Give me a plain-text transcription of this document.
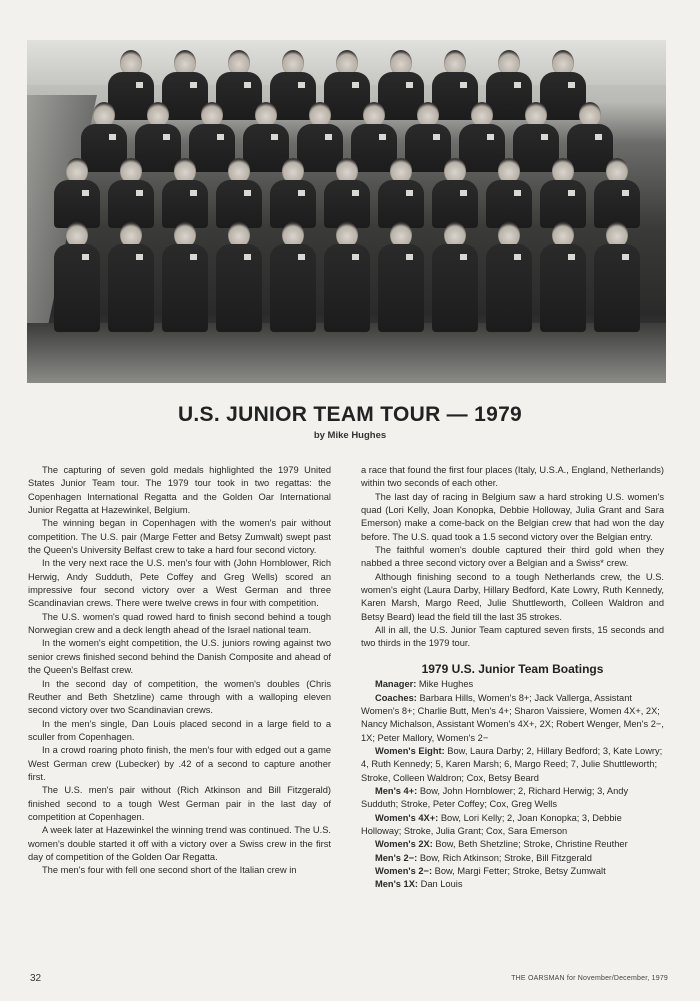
U.S. JUNIOR TEAM TOUR — 1979
by Mike Hughes

The capturing of seven gold medals highlighted the 1979 United States Junior Team tour. The 1979 tour took in two regattas: the Copenhagen International Regatta and the Golden Oar International Junior Regatta at Hazewinkel, Belgium.

The winning began in Copenhagen with the women's pair without competition. The U.S. pair (Marge Fetter and Betsy Zumwalt) swept past the Queen's University Belfast crew to take a hard four second victory.

In the very next race the U.S. men's four with (John Hornblower, Rich Herwig, Andy Sudduth, Pete Coffey and Greg Wells) scored an impressive four second victory over a West German and three Scandinavian crews. There were twelve crews in four with competition.

The U.S. women's quad rowed hard to finish second behind a tough Norwegian crew and a deck length ahead of the Israel national team.

In the women's eight competition, the U.S. juniors rowing against two senior crews finished second behind the Danish Composite and ahead of the Queen's Belfast crew.

In the second day of competition, the women's doubles (Chris Reuther and Beth Shetzline) came through with a walloping eleven second victory over two Scandinavian crews.

In the men's single, Dan Louis placed second in a large field to a sculler from Copenhagen.

In a crowd roaring photo finish, the men's four with edged out a game West German crew (Lubecker) by .42 of a second to capture another first.

The U.S. men's pair without (Rich Atkinson and Bill Fitzgerald) finished second to a tough West German pair in the last day of competition at Copenhagen.

A week later at Hazewinkel the winning trend was continued. The U.S. women's double started it off with a victory over a Swiss crew in the first day of competition of the Golden Oar Regatta.

The men's four with fell one second short of the Italian crew in

a race that found the first four places (Italy, U.S.A., England, Netherlands) within two seconds of each other.

The last day of racing in Belgium saw a hard stroking U.S. women's quad (Lori Kelly, Joan Konopka, Debbie Holloway, Julia Grant and Sara Emerson) make a come-back on the Belgian crew that had won the day before. The U.S. quad took a 1.5 second victory over the Belgian entry.

The faithful women's double captured their third gold when they nabbed a three second victory over a Belgian and a Swiss* crew.

Although finishing second to a tough Netherlands crew, the U.S. women's eight (Laura Darby, Hillary Bedford, Kate Lowry, Ruth Kennedy, Karen Marsh, Margo Reed, Julie Shuttleworth, Colleen Waldron and Betsy Beard) lead the field till the last 35 strokes.

All in all, the U.S. Junior Team captured seven firsts, 15 seconds and two thirds in the 1979 tour.

1979 U.S. Junior Team Boatings

Manager: Mike Hughes

Coaches: Barbara Hills, Women's 8+; Jack Vallerga, Assistant Women's 8+; Charlie Butt, Men's 4+; Sharon Vaissiere, Women 4X+, 2X; Nancy Michalson, Assistant Women's 4X+, 2X; Robert Wenger, Men's 2−, 1X; Peter Mallory, Women's 2−

Women's Eight: Bow, Laura Darby; 2, Hillary Bedford; 3, Kate Lowry; 4, Ruth Kennedy; 5, Karen Marsh; 6, Margo Reed; 7, Julie Shuttleworth; Stroke, Colleen Waldron; Cox, Betsy Beard

Men's 4+: Bow, John Hornblower; 2, Richard Herwig; 3, Andy Sudduth; Stroke, Peter Coffey; Cox, Greg Wells

Women's 4X+: Bow, Lori Kelly; 2, Joan Konopka; 3, Debbie Holloway; Stroke, Julia Grant; Cox, Sara Emerson

Women's 2X: Bow, Beth Shetzline; Stroke, Christine Reuther

Men's 2−: Bow, Rich Atkinson; Stroke, Bill Fitzgerald

Women's 2−: Bow, Margi Fetter; Stroke, Betsy Zumwalt

Men's 1X: Dan Louis

32	THE OARSMAN for November/December, 1979
